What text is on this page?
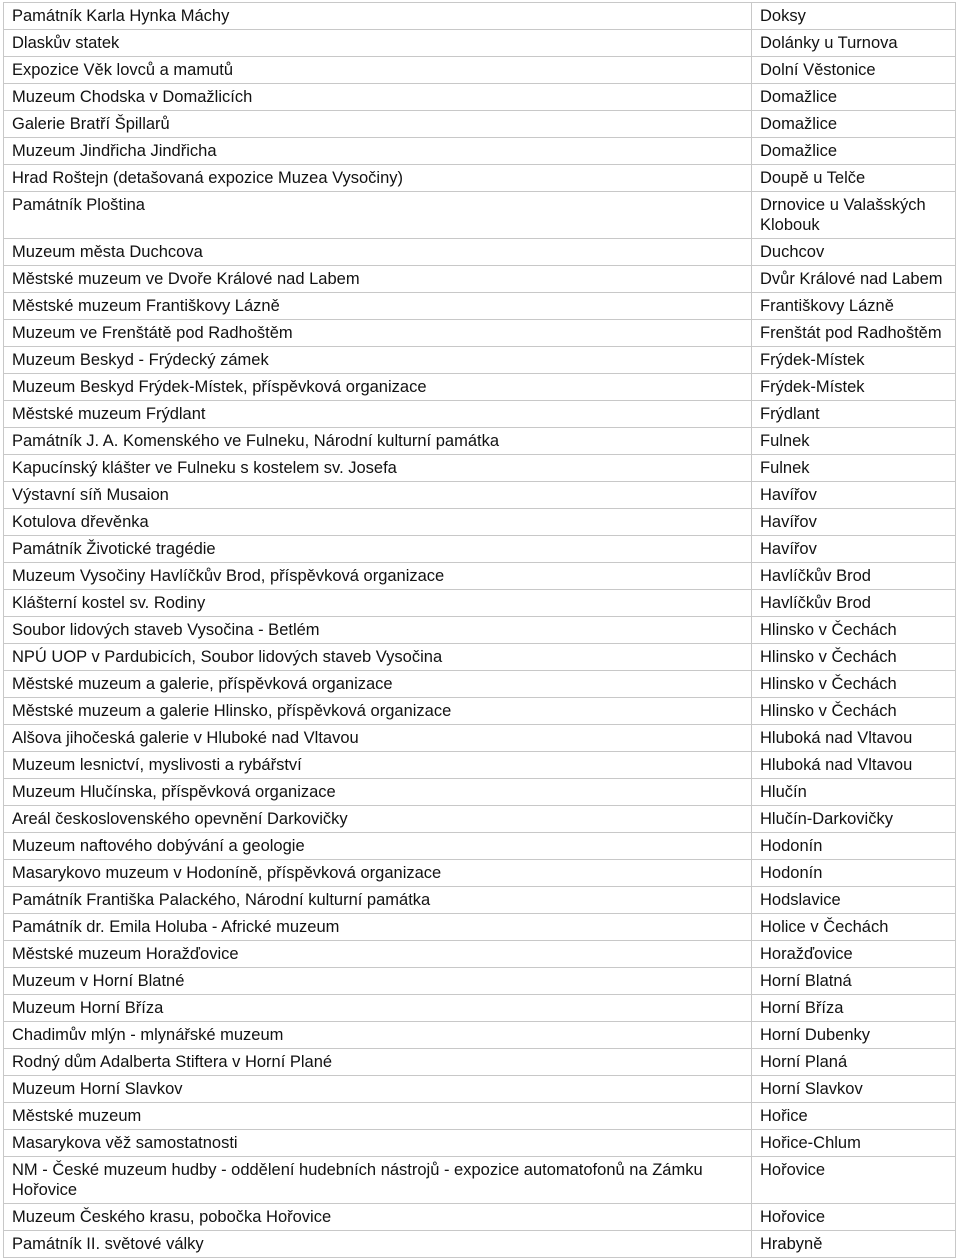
Památník Karla Hynka Máchy	Doksy
Dlaskův statek	Dolánky u Turnova
Expozice Věk lovců a mamutů	Dolní Věstonice
Muzeum Chodska v Domažlicích	Domažlice
Galerie Bratří Špillarů	Domažlice
Muzeum Jindřicha Jindřicha	Domažlice
Hrad Roštejn (detašovaná expozice Muzea Vysočiny)	Doupě u Telče
Památník Ploština	Drnovice u Valašských Klobouk
Muzeum města Duchcova	Duchcov
Městské muzeum ve Dvoře Králové nad Labem	Dvůr Králové nad Labem
Městské muzeum Františkovy Lázně	Františkovy Lázně
Muzeum ve Frenštátě pod Radhoštěm	Frenštát pod Radhoštěm
Muzeum Beskyd - Frýdecký zámek	Frýdek-Místek
Muzeum Beskyd Frýdek-Místek, příspěvková organizace	Frýdek-Místek
Městské muzeum Frýdlant	Frýdlant
Památník J. A. Komenského ve Fulneku, Národní kulturní památka	Fulnek
Kapucínský klášter ve Fulneku s kostelem sv. Josefa	Fulnek
Výstavní síň Musaion	Havířov
Kotulova dřevěnka	Havířov
Památník Životické tragédie	Havířov
Muzeum Vysočiny Havlíčkův Brod, příspěvková organizace	Havlíčkův Brod
Klášterní kostel sv. Rodiny	Havlíčkův Brod
Soubor lidových staveb Vysočina - Betlém	Hlinsko v Čechách
NPÚ UOP v Pardubicích, Soubor lidových staveb Vysočina	Hlinsko v Čechách
Městské muzeum a galerie, příspěvková organizace	Hlinsko v Čechách
Městské muzeum a galerie Hlinsko, příspěvková organizace	Hlinsko v Čechách
Alšova jihočeská galerie v Hluboké nad Vltavou	Hluboká nad Vltavou
Muzeum lesnictví, myslivosti a rybářství	Hluboká nad Vltavou
Muzeum Hlučínska, příspěvková organizace	Hlučín
Areál československého opevnění Darkovičky	Hlučín-Darkovičky
Muzeum naftového dobývání a geologie	Hodonín
Masarykovo muzeum v Hodoníně, příspěvková organizace	Hodonín
Památník Františka Palackého, Národní kulturní památka	Hodslavice
Památník dr. Emila Holuba - Africké muzeum	Holice v Čechách
Městské muzeum Horažďovice	Horažďovice
Muzeum v Horní Blatné	Horní Blatná
Muzeum Horní Bříza	Horní Bříza
Chadimův mlýn - mlynářské muzeum	Horní Dubenky
Rodný dům Adalberta Stiftera v Horní Plané	Horní Planá
Muzeum Horní Slavkov	Horní Slavkov
Městské muzeum	Hořice
Masarykova věž samostatnosti	Hořice-Chlum
NM - České muzeum hudby - oddělení hudebních nástrojů - expozice automatofonů na Zámku Hořovice	Hořovice
Muzeum Českého krasu, pobočka Hořovice	Hořovice
Památník II. světové války	Hrabyně
